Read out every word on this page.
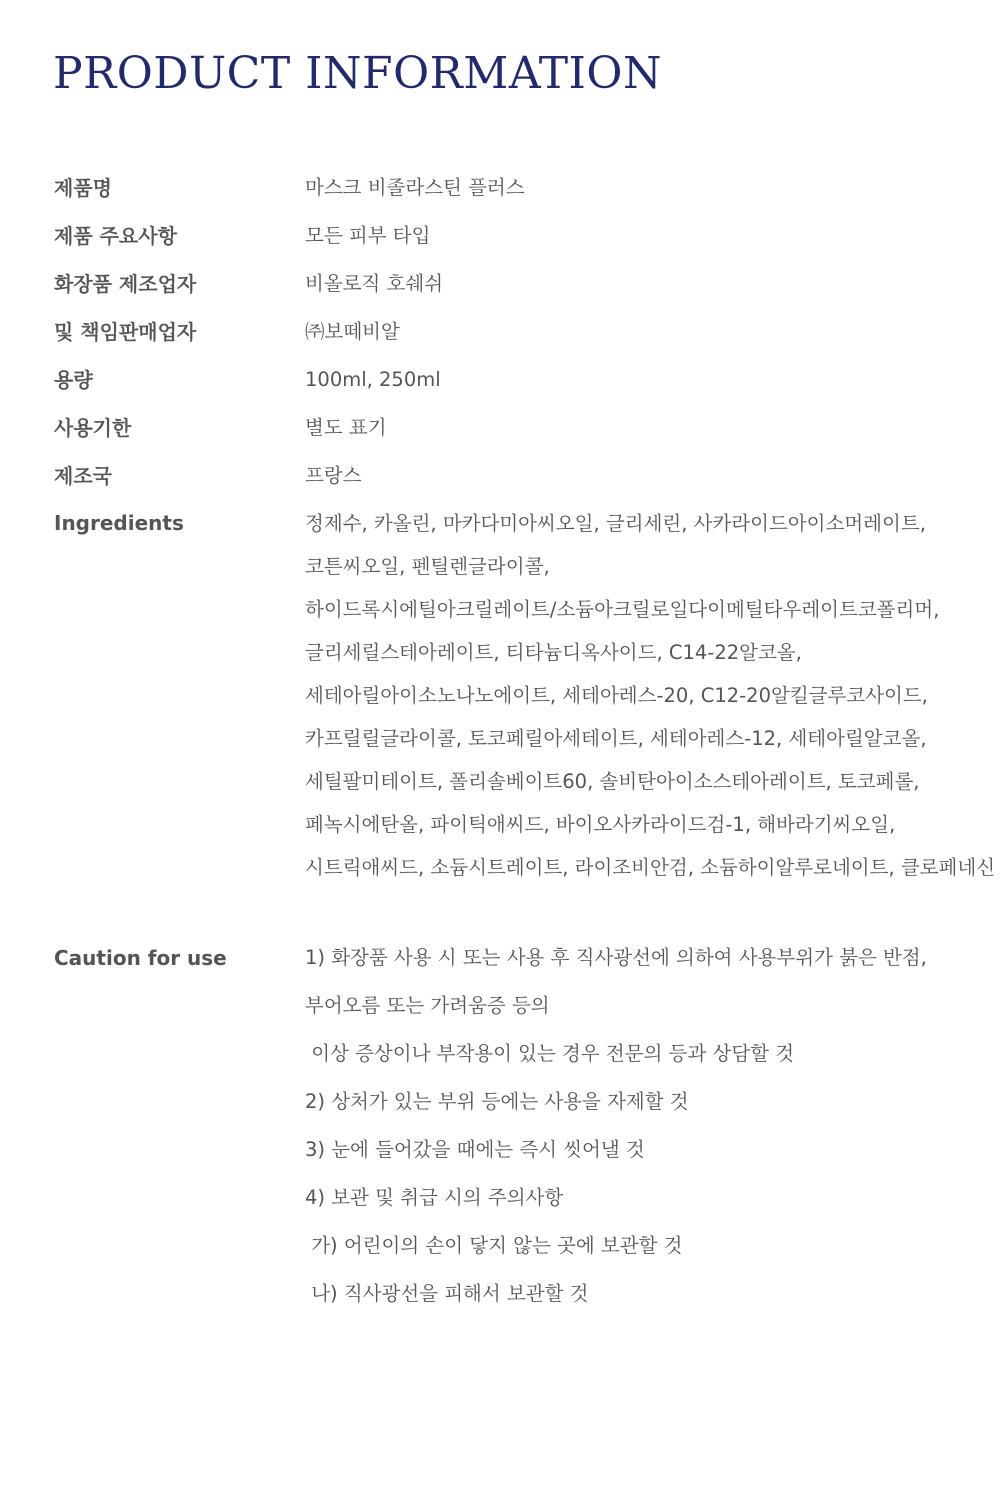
PRODUCT INFORMATION
제품명	마스크 비졸라스틴 플러스
제품 주요사항	모든 피부 타입
화장품 제조업자	비올로직 호쉐쉬
및 책임판매업자	㈜보떼비알
용량	100ml, 250ml
사용기한	별도 표기
제조국	프랑스
Ingredients	정제수, 카올린, 마카다미아씨오일, 글리세린, 사카라이드아이소머레이트,
코튼씨오일, 펜틸렌글라이콜,
하이드록시에틸아크릴레이트/소듐아크릴로일다이메틸타우레이트코폴리머,
글리세릴스테아레이트, 티타늄디옥사이드, C14-22알코올,
세테아릴아이소노나노에이트, 세테아레스-20, C12-20알킬글루코사이드,
카프릴릴글라이콜, 토코페릴아세테이트, 세테아레스-12, 세테아릴알코올,
세틸팔미테이트, 폴리솔베이트60, 솔비탄아이소스테아레이트, 토코페롤,
페녹시에탄올, 파이틱애씨드, 바이오사카라이드검-1, 해바라기씨오일,
시트릭애씨드, 소듐시트레이트, 라이조비안검, 소듐하이알루로네이트, 클로페네신
Caution for use	1) 화장품 사용 시 또는 사용 후 직사광선에 의하여 사용부위가 붉은 반점,
부어오름 또는 가려움증 등의
이상 증상이나 부작용이 있는 경우 전문의 등과 상담할 것
2) 상처가 있는 부위 등에는 사용을 자제할 것
3) 눈에 들어갔을 때에는 즉시 씻어낼 것
4) 보관 및 취급 시의 주의사항
가) 어린이의 손이 닿지 않는 곳에 보관할 것
나) 직사광선을 피해서 보관할 것
